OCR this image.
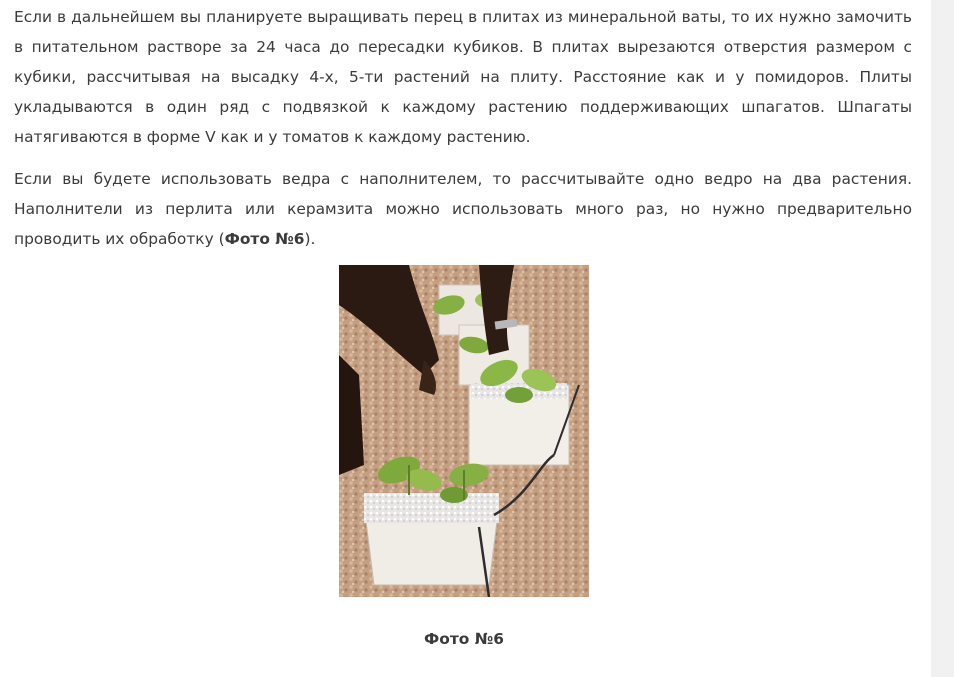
Если в дальнейшем вы планируете выращивать перец в плитах из минеральной ваты, то их нужно замочить в питательном растворе за 24 часа до пересадки кубиков. В плитах вырезаются отверстия размером с кубики, рассчитывая на высадку 4-х, 5-ти растений на плиту. Расстояние как и у помидоров. Плиты укладываются в один ряд с подвязкой к каждому растению поддерживающих шпагатов. Шпагаты натягиваются в форме V как и у томатов к каждому растению.

Если вы будете использовать ведра с наполнителем, то рассчитывайте одно ведро на два растения. Наполнители из перлита или керамзита можно использовать много раз, но нужно предварительно проводить их обработку (Фото №6).

Фото №6
